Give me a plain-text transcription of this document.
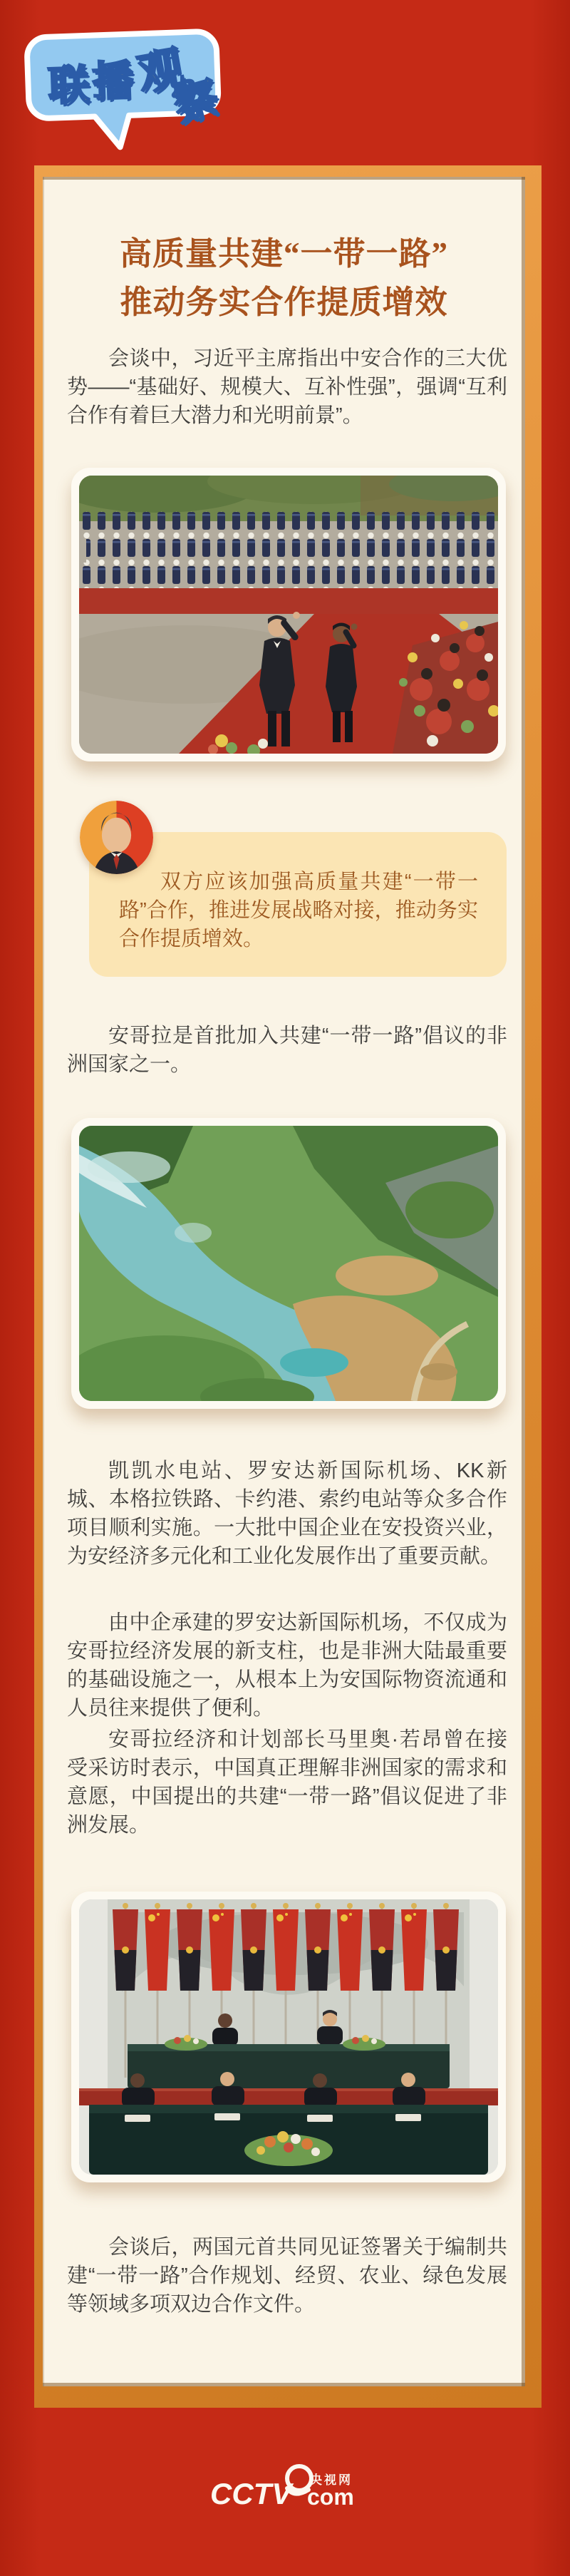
联 播 观
察
高质量共建“一带一路”
推动务实合作提质增效

会谈中，习近平主席指出中安合作的三大优势——“基础好、规模大、互补性强”，强调“互利合作有着巨大潜力和光明前景”。

双方应该加强高质量共建“一带一路”合作，推进发展战略对接，推动务实合作提质增效。

安哥拉是首批加入共建“一带一路”倡议的非洲国家之一。

凯凯水电站、罗安达新国际机场、KK新城、本格拉铁路、卡约港、索约电站等众多合作项目顺利实施。一大批中国企业在安投资兴业，为安经济多元化和工业化发展作出了重要贡献。

由中企承建的罗安达新国际机场，不仅成为安哥拉经济发展的新支柱，也是非洲大陆最重要的基础设施之一，从根本上为安国际物资流通和人员往来提供了便利。

安哥拉经济和计划部长马里奥·若昂曾在接受采访时表示，中国真正理解非洲国家的需求和意愿，中国提出的共建“一带一路”倡议促进了非洲发展。

会谈后，两国元首共同见证签署关于编制共建“一带一路”合作规划、经贸、农业、绿色发展等领域多项双边合作文件。

CCTV 央视网
com
